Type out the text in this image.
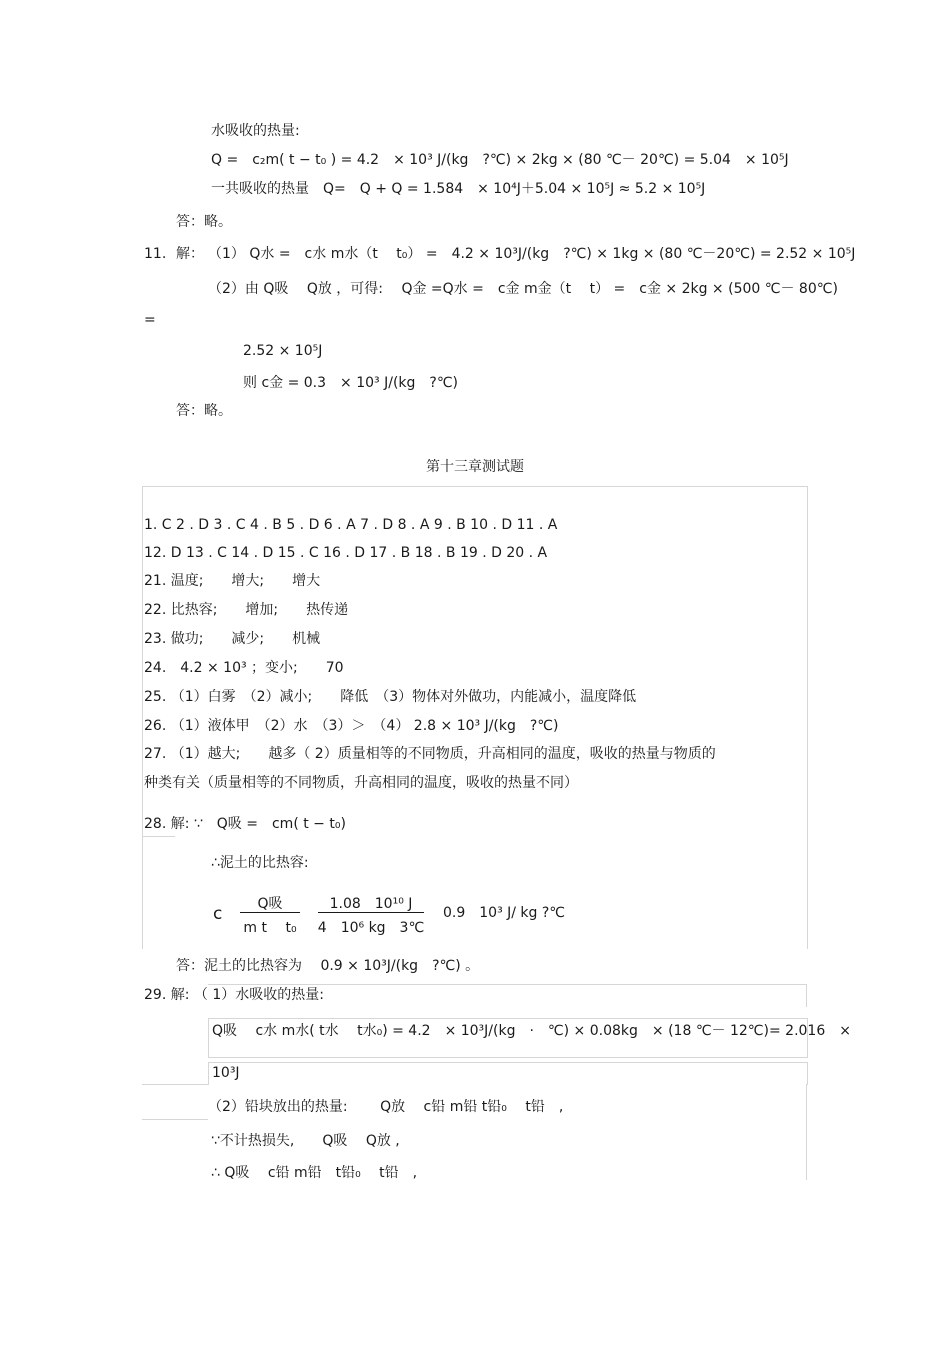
水吸收的热量:
Q =　c₂m( t − t₀ ) = 4.2　× 10³ J/(kg　?℃) × 2kg × (80 ℃－ 20℃) = 5.04　× 10⁵J
一共吸收的热量　Q=　Q + Q = 1.584　× 10⁴J＋5.04 × 10⁵J ≈ 5.2 × 10⁵J
答：略。
11. 解： （1） Q水 =　c水 m水（t　 t₀） =　4.2 × 10³J/(kg　?℃) × 1kg × (80 ℃－20℃) = 2.52 × 10⁵J
（2）由 Q吸　 Q放 ，可得:　 Q金 =Q水 =　c金 m金（t　 t） =　c金 × 2kg × (500 ℃－ 80℃)
=
2.52 × 10⁵J
则 c金 = 0.3　× 10³ J/(kg　?℃)
答：略。
第十三章测试题
1. C 2 . D 3 . C 4 . B 5 . D 6 . A 7 . D 8 . A 9 . B 10 . D 11 . A
12. D 13 . C 14 . D 15 . C 16 . D 17 . B 18 . B 19 . D 20 . A
21. 温度;　　增大;　　增大
22. 比热容;　　增加;　　热传递
23. 做功;　　减少;　　机械
24.　4.2 × 10³ ；变小;　　70
25. （1）白雾　（2）减小;　　降低　（3）物体对外做功，内能减小，温度降低
26. （1）液体甲　（2）水　（3）＞　（4） 2.8 × 10³ J/(kg　?℃)
27. （1）越大;　　越多（ 2）质量相等的不同物质，升高相同的温度，吸收的热量与物质的
种类有关（质量相等的不同物质，升高相同的温度，吸收的热量不同）
28. 解: ∵　Q吸 =　cm( t − t₀)
∴泥土的比热容:
c	Q吸
m t　 t₀
1.08　10¹⁰ J
4　10⁶ kg　3℃
0.9　10³ J/ kg ?℃
答：泥土的比热容为　 0.9 × 10³J/(kg　?℃) 。
29. 解: （ 1）水吸收的热量:
Q吸　 c水 m水( t水　 t水₀) = 4.2　× 10³J/(kg　·　℃) × 0.08kg　× (18 ℃－ 12℃)= 2.016　×
10³J
（2）铅块放出的热量:　　 Q放　 c铅 m铅 t铅₀　 t铅　,
∵不计热损失,　　Q吸　 Q放 ,
∴ Q吸　 c铅 m铅　t铅₀　 t铅　,
